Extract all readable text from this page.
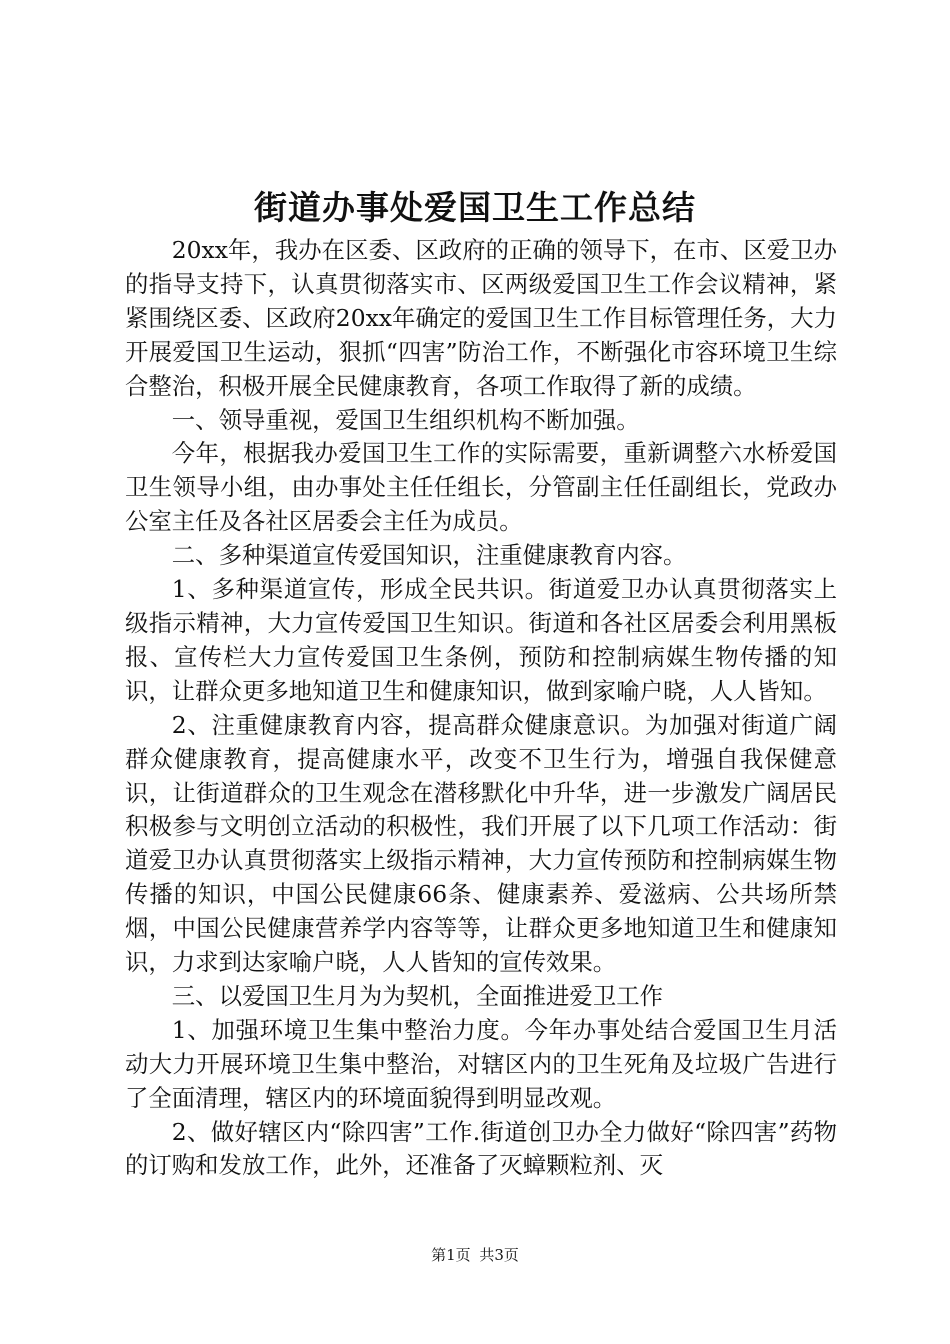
街道办事处爱国卫生工作总结

20xx年，我办在区委、区政府的正确的领导下，在市、区爱卫办的指导支持下，认真贯彻落实市、区两级爱国卫生工作会议精神，紧紧围绕区委、区政府20xx年确定的爱国卫生工作目标管理任务，大力开展爱国卫生运动，狠抓“四害”防治工作，不断强化市容环境卫生综合整治，积极开展全民健康教育，各项工作取得了新的成绩。

一、领导重视，爱国卫生组织机构不断加强。

今年，根据我办爱国卫生工作的实际需要，重新调整六水桥爱国卫生领导小组，由办事处主任任组长，分管副主任任副组长，党政办公室主任及各社区居委会主任为成员。

二、多种渠道宣传爱国知识，注重健康教育内容。

1、多种渠道宣传，形成全民共识。街道爱卫办认真贯彻落实上级指示精神，大力宣传爱国卫生知识。街道和各社区居委会利用黑板报、宣传栏大力宣传爱国卫生条例，预防和控制病媒生物传播的知识，让群众更多地知道卫生和健康知识，做到家喻户晓，人人皆知。

2、注重健康教育内容，提高群众健康意识。为加强对街道广阔群众健康教育，提高健康水平，改变不卫生行为，增强自我保健意识，让街道群众的卫生观念在潜移默化中升华，进一步激发广阔居民积极参与文明创立活动的积极性，我们开展了以下几项工作活动：街道爱卫办认真贯彻落实上级指示精神，大力宣传预防和控制病媒生物传播的知识，中国公民健康66条、健康素养、爱滋病、公共场所禁烟，中国公民健康营养学内容等等，让群众更多地知道卫生和健康知识，力求到达家喻户晓，人人皆知的宣传效果。

三、以爱国卫生月为为契机，全面推进爱卫工作

1、加强环境卫生集中整治力度。今年办事处结合爱国卫生月活动大力开展环境卫生集中整治，对辖区内的卫生死角及垃圾广告进行了全面清理，辖区内的环境面貌得到明显改观。

2、做好辖区内“除四害”工作.街道创卫办全力做好“除四害”药物的订购和发放工作，此外，还准备了灭蟑颗粒剂、灭

第1页 共3页
